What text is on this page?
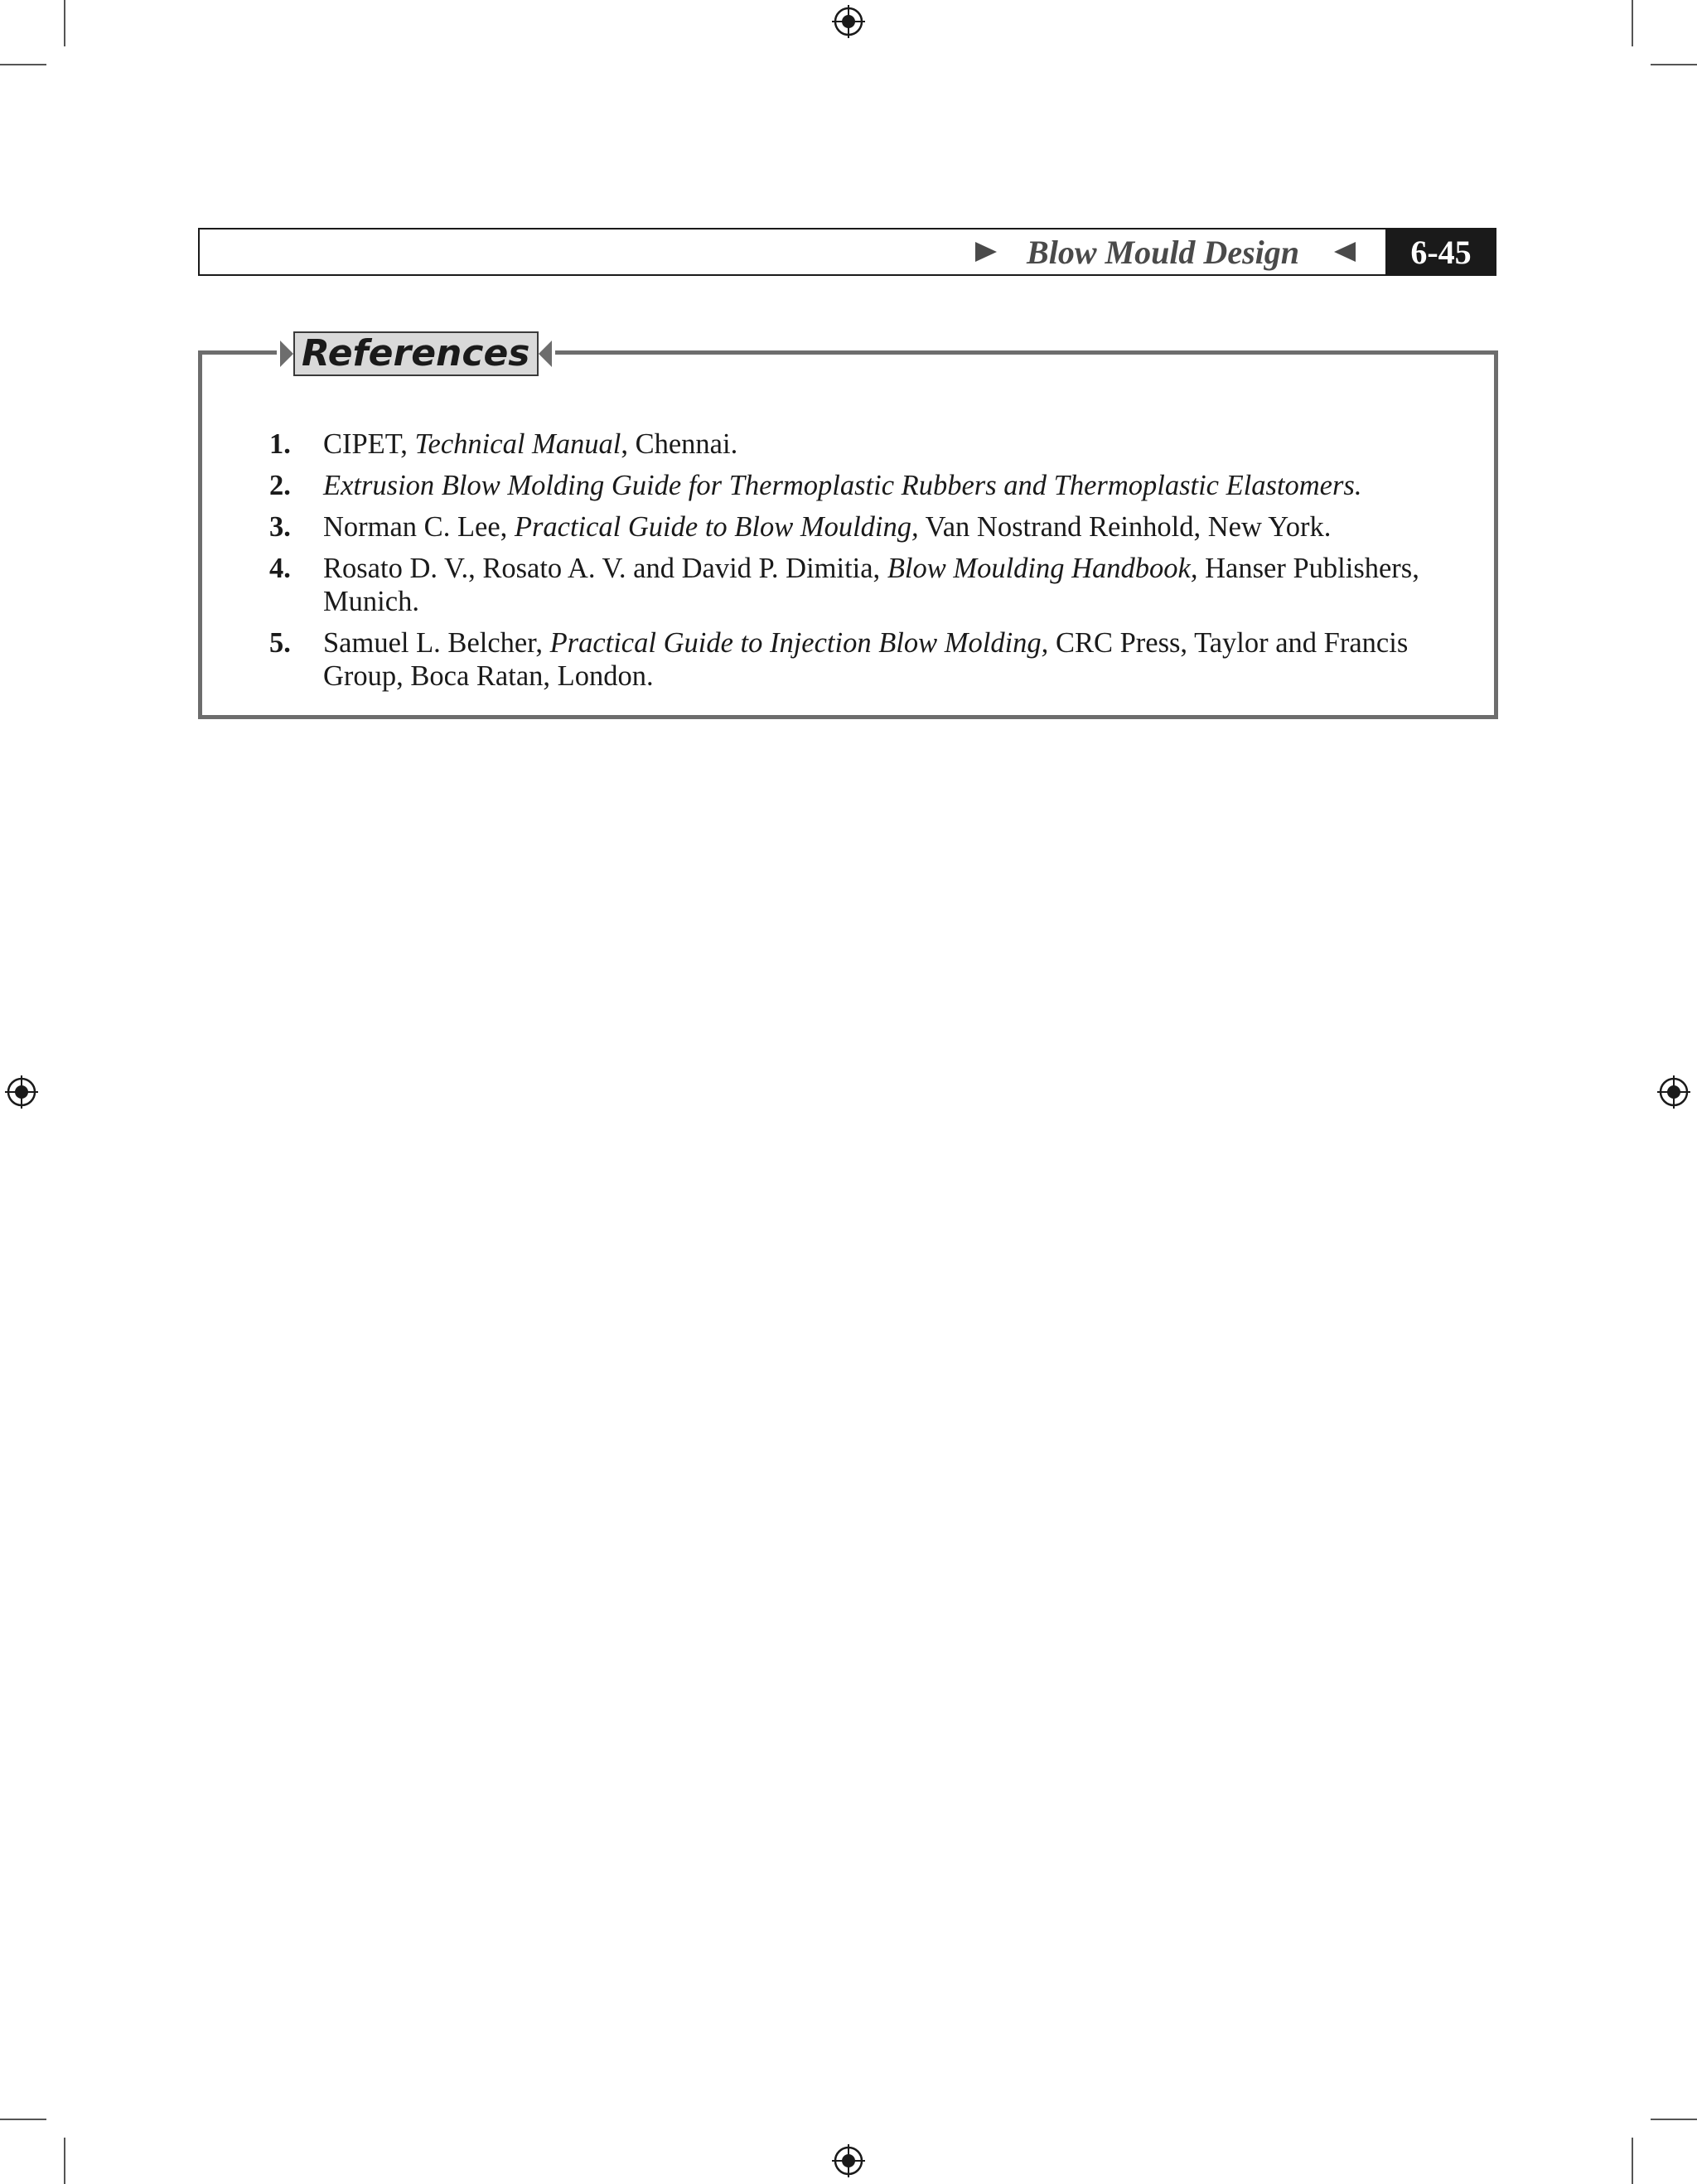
Blow Mould Design	6-45
References
1.	CIPET, Technical Manual, Chennai.
2.	Extrusion Blow Molding Guide for Thermoplastic Rubbers and Thermoplastic Elastomers.
3.	Norman C. Lee, Practical Guide to Blow Moulding, Van Nostrand Reinhold, New York.
4.	Rosato D. V., Rosato A. V. and David P. Dimitia, Blow Moulding Handbook, Hanser Publishers, Munich.
5.	Samuel L. Belcher, Practical Guide to Injection Blow Molding, CRC Press, Taylor and Francis Group, Boca Ratan, London.
